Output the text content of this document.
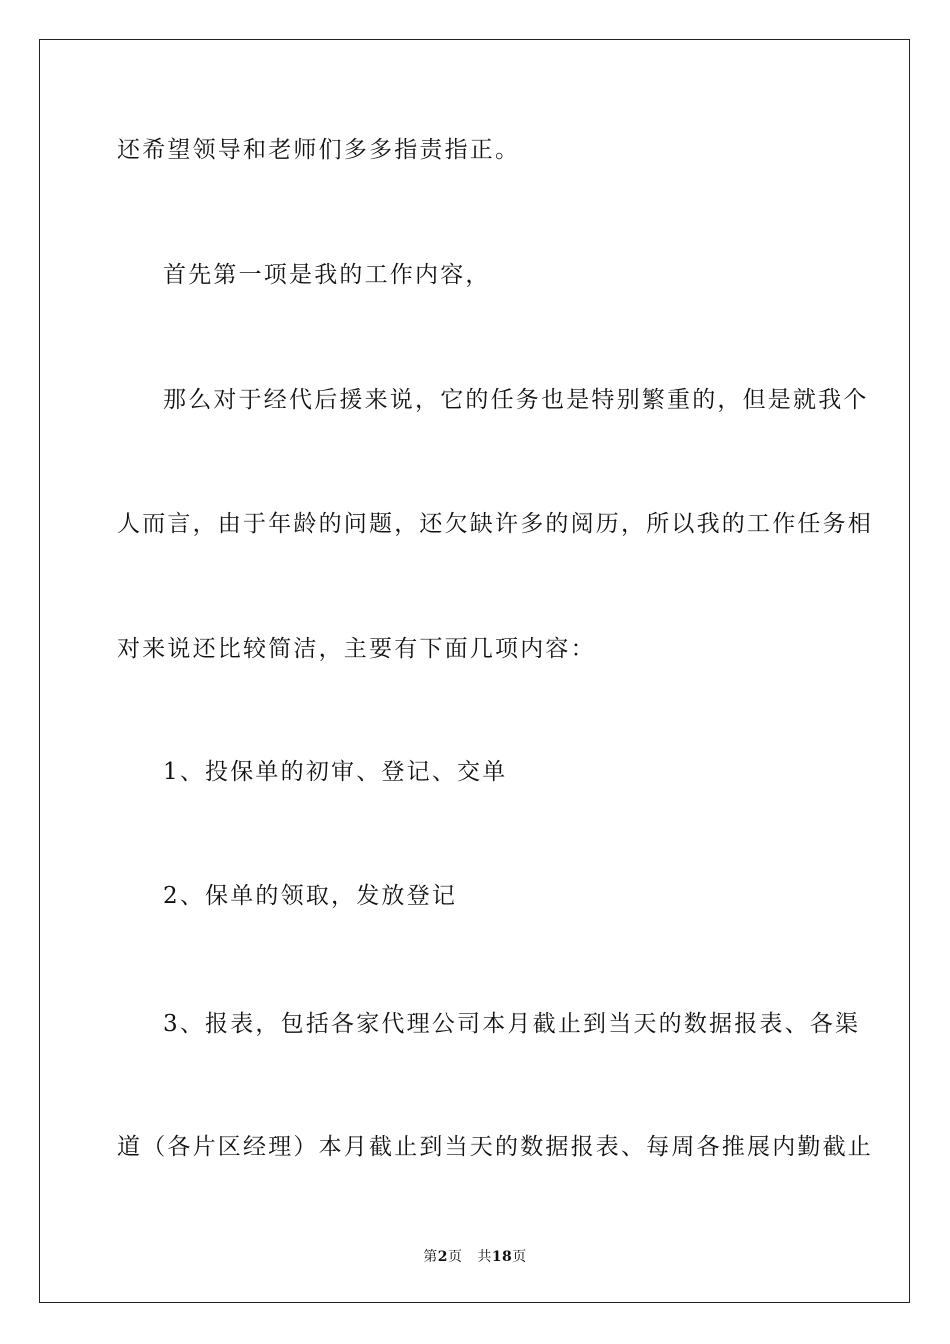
还希望领导和老师们多多指责指正。
首先第一项是我的工作内容，
那么对于经代后援来说，它的任务也是特别繁重的，但是就我个
人而言，由于年龄的问题，还欠缺许多的阅历，所以我的工作任务相
对来说还比较简洁，主要有下面几项内容：
1、投保单的初审、登记、交单
2、保单的领取，发放登记
3、报表，包括各家代理公司本月截止到当天的数据报表、各渠
道（各片区经理）本月截止到当天的数据报表、每周各推展内勤截止
第2页 共18页
